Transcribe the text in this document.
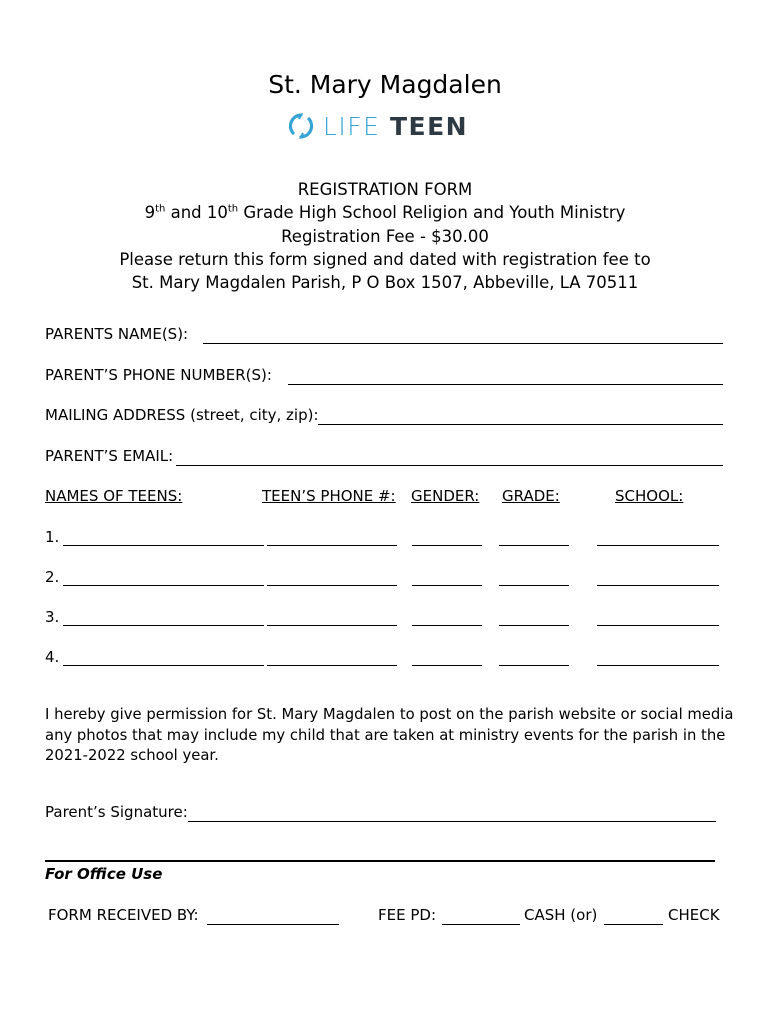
St. Mary Magdalen
LIFE TEEN
REGISTRATION FORM
9th and 10th Grade High School Religion and Youth Ministry
Registration Fee - $30.00
Please return this form signed and dated with registration fee to
St. Mary Magdalen Parish, P O Box 1507, Abbeville, LA 70511
PARENTS NAME(S):
PARENT’S PHONE NUMBER(S):
MAILING ADDRESS (street, city, zip):
PARENT’S EMAIL:
NAMES OF TEENS:	TEEN’S PHONE #: GENDER: GRADE:	SCHOOL:
1.
2.
3.
4.
I hereby give permission for St. Mary Magdalen to post on the parish website or social media any photos that may include my child that are taken at ministry events for the parish in the 2021-2022 school year.
Parent’s Signature:
For Office Use
FORM RECEIVED BY:	FEE PD:	CASH (or)	CHECK
